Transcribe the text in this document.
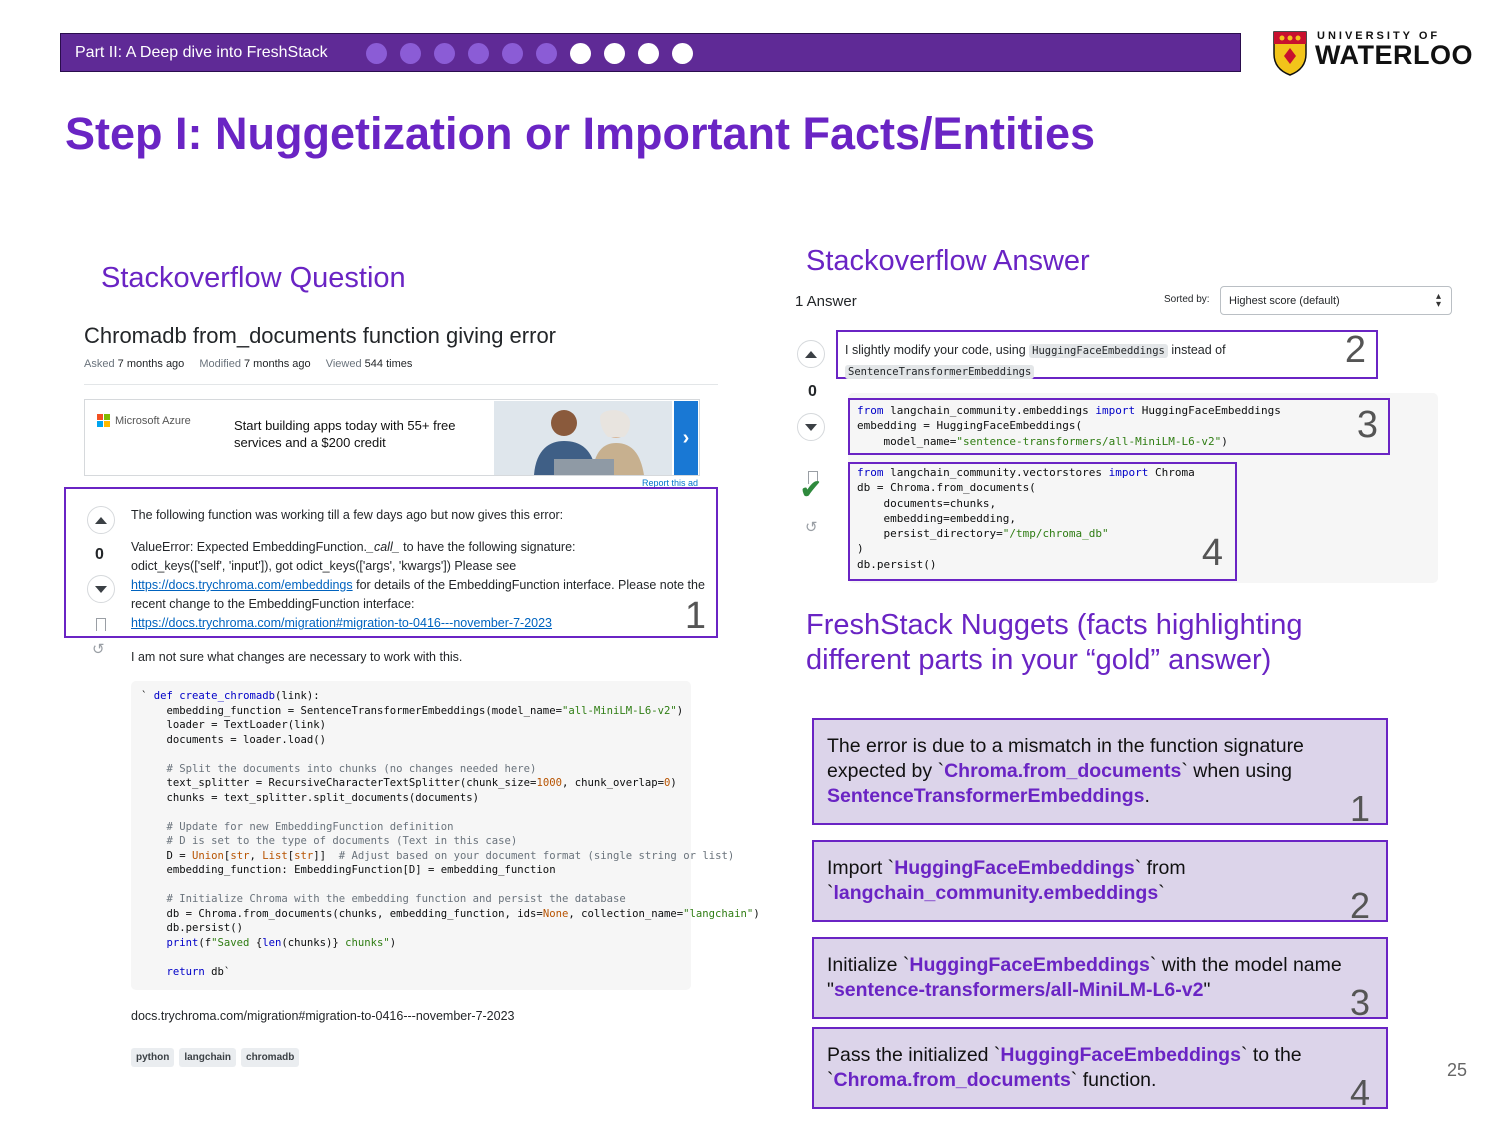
Part II: A Deep dive into FreshStack
UNIVERSITY OF
WATERLOO
Step I: Nuggetization or Important Facts/Entities
Stackoverflow Question
Chromadb from_documents function giving error
Asked 7 months ago Modified 7 months ago Viewed 544 times
Microsoft Azure	Start building apps today with 55+ free services and a $200 credit	›
Report this ad
1
0
↺

The following function was working till a few days ago but now gives this error:

ValueError: Expected EmbeddingFunction._call_ to have the following signature:
odict_keys(['self', 'input']), got odict_keys(['args', 'kwargs']) Please see
https://docs.trychroma.com/embeddings for details of the EmbeddingFunction interface. Please note the recent change to the EmbeddingFunction interface:
https://docs.trychroma.com/migration#migration-to-0416---november-7-2023
I am not sure what changes are necessary to work with this.
` def create_chromadb(link):
embedding_function = SentenceTransformerEmbeddings(model_name="all-MiniLM-L6-v2")
loader = TextLoader(link)
documents = loader.load()

# Split the documents into chunks (no changes needed here)
text_splitter = RecursiveCharacterTextSplitter(chunk_size=1000, chunk_overlap=0)
chunks = text_splitter.split_documents(documents)

# Update for new EmbeddingFunction definition
# D is set to the type of documents (Text in this case)
D = Union[str, List[str]]  # Adjust based on your document format (single string or list)
embedding_function: EmbeddingFunction[D] = embedding_function

# Initialize Chroma with the embedding function and persist the database
db = Chroma.from_documents(chunks, embedding_function, ids=None, collection_name="langchain")
db.persist()
print(f"Saved {len(chunks)} chunks")

return db`
docs.trychroma.com/migration#migration-to-0416---november-7-2023
python	langchain	chromadb
Stackoverflow Answer
1 Answer	Sorted by:	Highest score (default)	▴
▾
0
✔
↺
2
I slightly modify your code, using HuggingFaceEmbeddings instead of
SentenceTransformerEmbeddings
3
4
from langchain_community.embeddings import HuggingFaceEmbeddings
embedding = HuggingFaceEmbeddings(
model_name="sentence-transformers/all-MiniLM-L6-v2")
from langchain_community.vectorstores import Chroma
db = Chroma.from_documents(
documents=chunks,
embedding=embedding,
persist_directory="/tmp/chroma_db"
)
db.persist()
FreshStack Nuggets (facts highlighting
different parts in your “gold” answer)
The error is due to a mismatch in the function signature expected by `Chroma.from_documents` when using SentenceTransformerEmbeddings.	1
Import `HuggingFaceEmbeddings` from `langchain_community.embeddings`	2
Initialize `HuggingFaceEmbeddings` with the model name "sentence-transformers/all-MiniLM-L6-v2"	3
Pass the initialized `HuggingFaceEmbeddings` to the `Chroma.from_documents` function.	4
25
